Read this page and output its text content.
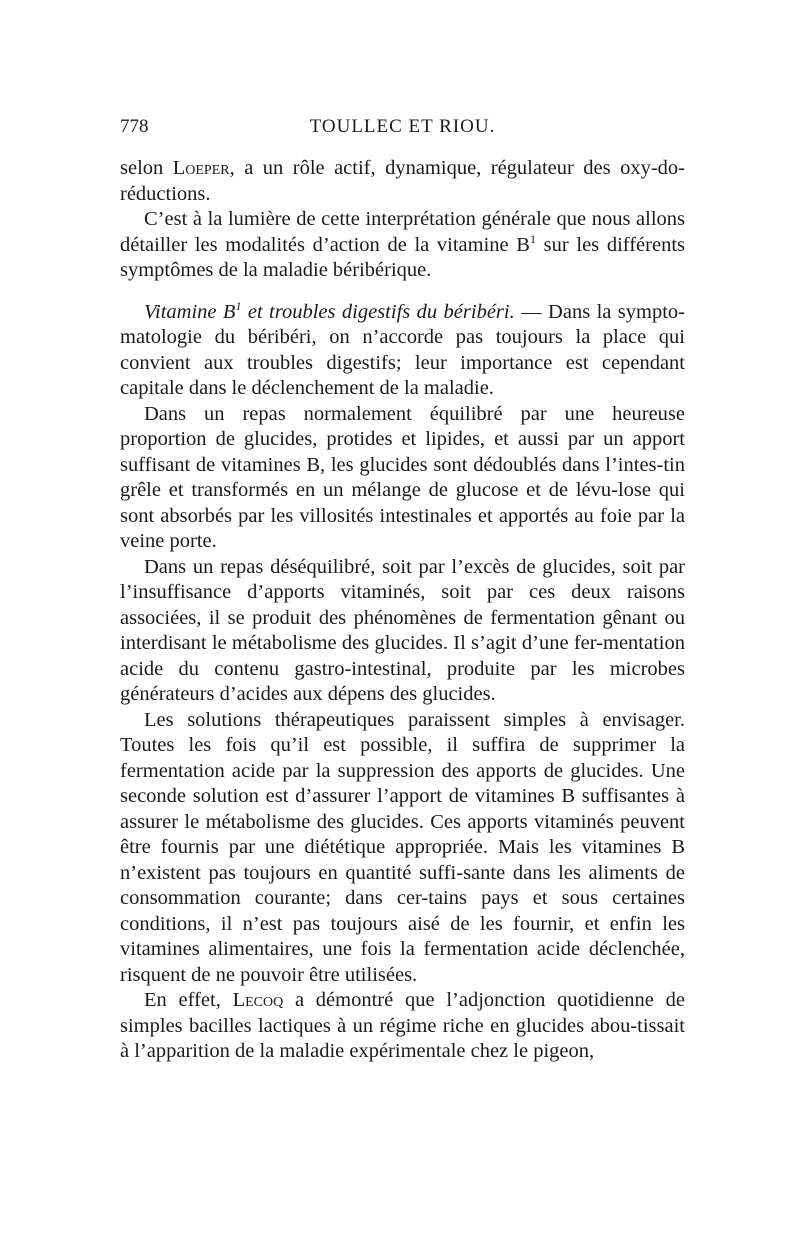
778	TOULLEC ET RIOU.

selon Loeper, a un rôle actif, dynamique, régulateur des oxy-do-réductions.

C’est à la lumière de cette interprétation générale que nous allons détailler les modalités d’action de la vitamine $B^1$ sur les différents symptômes de la maladie béribérique.

Vitamine $B^1$ et troubles digestifs du béribéri. — Dans la sympto-matologie du béribéri, on n’accorde pas toujours la place qui convient aux troubles digestifs; leur importance est cependant capitale dans le déclenchement de la maladie.

Dans un repas normalement équilibré par une heureuse proportion de glucides, protides et lipides, et aussi par un apport suffisant de vitamines B, les glucides sont dédoublés dans l’intes-tin grêle et transformés en un mélange de glucose et de lévu-lose qui sont absorbés par les villosités intestinales et apportés au foie par la veine porte.

Dans un repas déséquilibré, soit par l’excès de glucides, soit par l’insuffisance d’apports vitaminés, soit par ces deux raisons associées, il se produit des phénomènes de fermentation gênant ou interdisant le métabolisme des glucides. Il s’agit d’une fer-mentation acide du contenu gastro-intestinal, produite par les microbes générateurs d’acides aux dépens des glucides.

Les solutions thérapeutiques paraissent simples à envisager. Toutes les fois qu’il est possible, il suffira de supprimer la fermentation acide par la suppression des apports de glucides. Une seconde solution est d’assurer l’apport de vitamines B suffisantes à assurer le métabolisme des glucides. Ces apports vitaminés peuvent être fournis par une diététique appropriée. Mais les vitamines B n’existent pas toujours en quantité suffi-sante dans les aliments de consommation courante; dans cer-tains pays et sous certaines conditions, il n’est pas toujours aisé de les fournir, et enfin les vitamines alimentaires, une fois la fermentation acide déclenchée, risquent de ne pouvoir être utilisées.

En effet, Lecoq a démontré que l’adjonction quotidienne de simples bacilles lactiques à un régime riche en glucides abou-tissait à l’apparition de la maladie expérimentale chez le pigeon,
